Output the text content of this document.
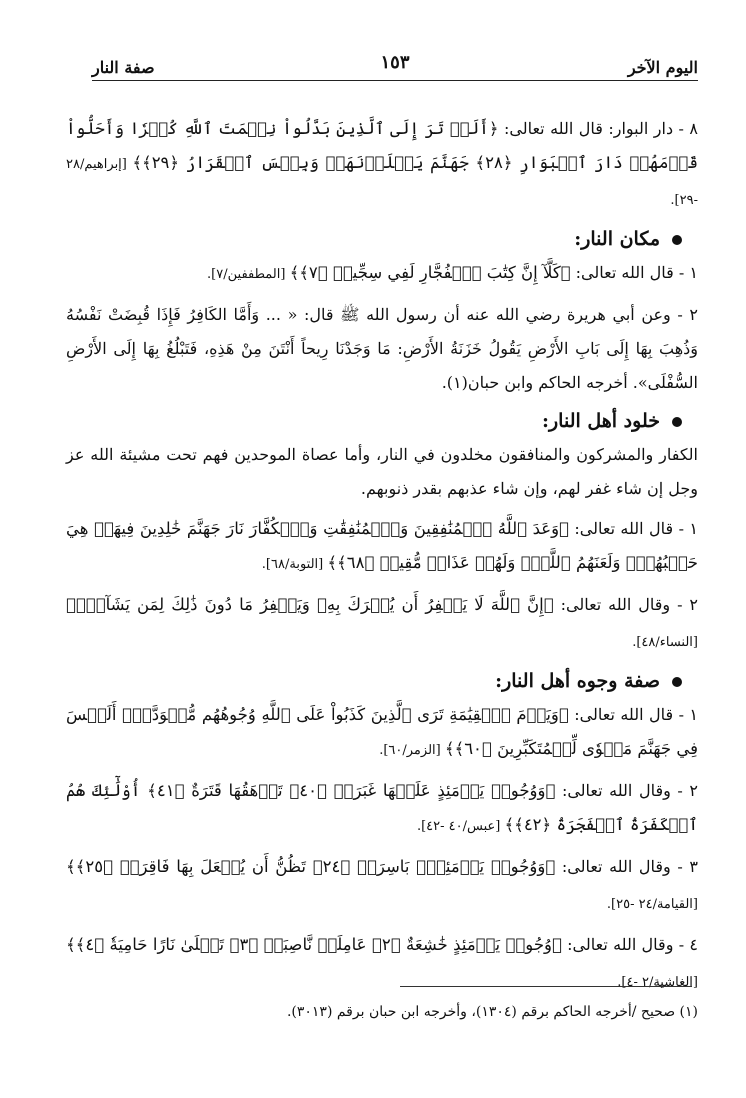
اليوم الآخر
١٥٣
صفة النار

٨ - دار البوار: قال الله تعالى: ﴿أَلَمۡ تَرَ إِلَى ٱلَّذِينَ بَدَّلُواْ نِعۡمَتَ ٱللَّهِ كُفۡرٗا وَأَحَلُّواْ قَوۡمَهُمۡ دَارَ ٱلۡبَوَارِ ﴿٢٨﴾ جَهَنَّمَ يَصۡلَوۡنَهَاۖ وَبِئۡسَ ٱلۡقَرَارُ ﴿٢٩﴾﴾ [إبراهيم/٢٨ -٢٩].

مكان النار:

١ - قال الله تعالى: ﴿كَلَّآ إِنَّ كِتَٰبَ ٱلۡفُجَّارِ لَفِي سِجِّينٖ ﴿٧﴾﴾ [المطففين/٧].

٢ - وعن أبي هريرة رضي الله عنه أن رسول الله ﷺ قال: « ... وَأَمَّا الكَافِرُ فَإِذَا قُبِضَتْ نَفْسُهُ وَذُهِبَ بِهَا إِلَى بَابِ الأَرْضِ يَقُولُ خَزَنَةُ الأَرْضِ: مَا وَجَدْنَا رِيحاً أَنْتَنَ مِنْ هَذِهِ، فَتَبْلُغُ بِهَا إِلَى الأَرْضِ السُّفْلَى». أخرجه الحاكم وابن حبان(١).

خلود أهل النار:

الكفار والمشركون والمنافقون مخلدون في النار، وأما عصاة الموحدين فهم تحت مشيئة الله عز وجل إن شاء غفر لهم، وإن شاء عذبهم بقدر ذنوبهم.

١ - قال الله تعالى: ﴿وَعَدَ ٱللَّهُ ٱلۡمُنَٰفِقِينَ وَٱلۡمُنَٰفِقَٰتِ وَٱلۡكُفَّارَ نَارَ جَهَنَّمَ خَٰلِدِينَ فِيهَاۚ هِيَ حَسۡبُهُمۡۚ وَلَعَنَهُمُ ٱللَّهُۖ وَلَهُمۡ عَذَابٞ مُّقِيمٞ ﴿٦٨﴾﴾ [التوبة/٦٨].

٢ - وقال الله تعالى: ﴿إِنَّ ٱللَّهَ لَا يَغۡفِرُ أَن يُشۡرَكَ بِهِۦ وَيَغۡفِرُ مَا دُونَ ذَٰلِكَ لِمَن يَشَآءُۚ﴾ [النساء/٤٨].

صفة وجوه أهل النار:

١ - قال الله تعالى: ﴿وَيَوۡمَ ٱلۡقِيَٰمَةِ تَرَى ٱلَّذِينَ كَذَبُواْ عَلَى ٱللَّهِ وُجُوهُهُم مُّسۡوَدَّةٌۚ أَلَيۡسَ فِي جَهَنَّمَ مَثۡوٗى لِّلۡمُتَكَبِّرِينَ ﴿٦٠﴾﴾ [الزمر/٦٠].

٢ - وقال الله تعالى: ﴿وَوُجُوهٞ يَوۡمَئِذٍ عَلَيۡهَا غَبَرَةٞ ﴿٤٠﴾ تَرۡهَقُهَا قَتَرَةٌ ﴿٤١﴾ أُوْلَٰٓئِكَ هُمُ ٱلۡكَفَرَةُ ٱلۡفَجَرَةُ ﴿٤٢﴾﴾ [عبس/٤٠ -٤٢].

٣ - وقال الله تعالى: ﴿وَوُجُوهٞ يَوۡمَئِذِۭ بَاسِرَةٞ ﴿٢٤﴾ تَظُنُّ أَن يُفۡعَلَ بِهَا فَاقِرَةٞ ﴿٢٥﴾﴾ [القيامة/٢٤ -٢٥].

٤ - وقال الله تعالى: ﴿وُجُوهٞ يَوۡمَئِذٍ خَٰشِعَةٌ ﴿٢﴾ عَامِلَةٞ نَّاصِبَةٞ ﴿٣﴾ تَصۡلَىٰ نَارًا حَامِيَةٗ ﴿٤﴾﴾ [الغاشية/٢ -٤].

(١) صحيح /أخرجه الحاكم برقم (١٣٠٤)، وأخرجه ابن حبان برقم (٣٠١٣).
